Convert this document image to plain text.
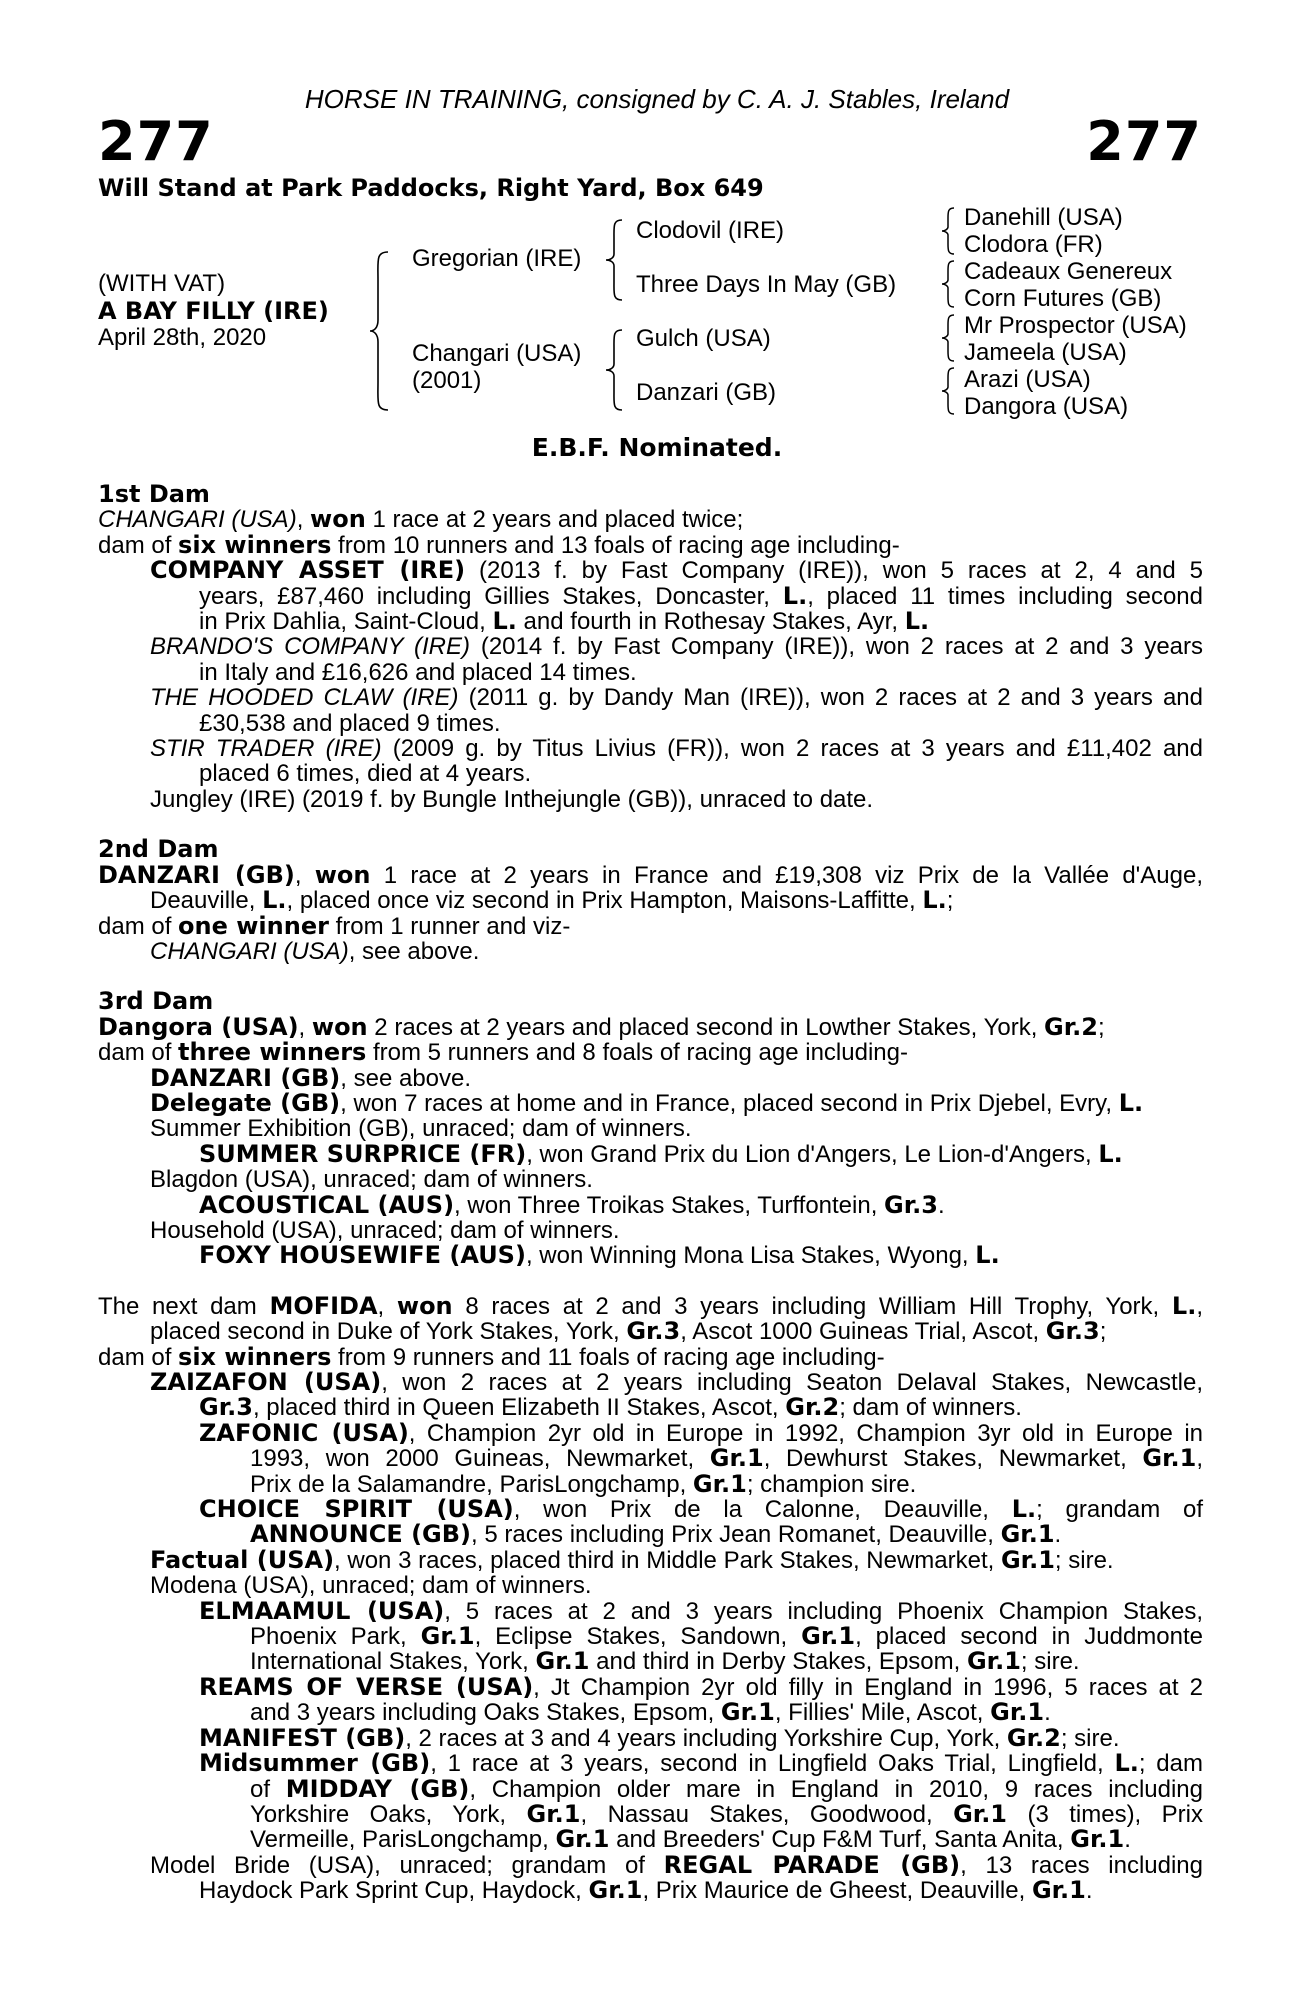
HORSE IN TRAINING, consigned by C. A. J. Stables, Ireland
277	277
Will Stand at Park Paddocks, Right Yard, Box 649
(WITH VAT)
A BAY FILLY (IRE)
April 28th, 2020
Gregorian (IRE)
Changari (USA)
(2001)
Clodovil (IRE)
Three Days In May (GB)
Gulch (USA)
Danzari (GB)
Danehill (USA)
Clodora (FR)
Cadeaux Genereux
Corn Futures (GB)
Mr Prospector (USA)
Jameela (USA)
Arazi (USA)
Dangora (USA)
E.B.F. Nominated.
1st Dam
CHANGARI (USA), won 1 race at 2 years and placed twice;
dam of six winners from 10 runners and 13 foals of racing age including-
COMPANY ASSET (IRE) (2013 f. by Fast Company (IRE)), won 5 races at 2, 4 and 5
years, £87,460 including Gillies Stakes, Doncaster, L., placed 11 times including second
in Prix Dahlia, Saint-Cloud, L. and fourth in Rothesay Stakes, Ayr, L.
BRANDO'S COMPANY (IRE) (2014 f. by Fast Company (IRE)), won 2 races at 2 and 3 years
in Italy and £16,626 and placed 14 times.
THE HOODED CLAW (IRE) (2011 g. by Dandy Man (IRE)), won 2 races at 2 and 3 years and
£30,538 and placed 9 times.
STIR TRADER (IRE) (2009 g. by Titus Livius (FR)), won 2 races at 3 years and £11,402 and
placed 6 times, died at 4 years.
Jungley (IRE) (2019 f. by Bungle Inthejungle (GB)), unraced to date.
2nd Dam
DANZARI (GB), won 1 race at 2 years in France and £19,308 viz Prix de la Vallée d'Auge,
Deauville, L., placed once viz second in Prix Hampton, Maisons-Laffitte, L.;
dam of one winner from 1 runner and viz-
CHANGARI (USA), see above.
3rd Dam
Dangora (USA), won 2 races at 2 years and placed second in Lowther Stakes, York, Gr.2;
dam of three winners from 5 runners and 8 foals of racing age including-
DANZARI (GB), see above.
Delegate (GB), won 7 races at home and in France, placed second in Prix Djebel, Evry, L.
Summer Exhibition (GB), unraced; dam of winners.
SUMMER SURPRICE (FR), won Grand Prix du Lion d'Angers, Le Lion-d'Angers, L.
Blagdon (USA), unraced; dam of winners.
ACOUSTICAL (AUS), won Three Troikas Stakes, Turffontein, Gr.3.
Household (USA), unraced; dam of winners.
FOXY HOUSEWIFE (AUS), won Winning Mona Lisa Stakes, Wyong, L.
The next dam MOFIDA, won 8 races at 2 and 3 years including William Hill Trophy, York, L.,
placed second in Duke of York Stakes, York, Gr.3, Ascot 1000 Guineas Trial, Ascot, Gr.3;
dam of six winners from 9 runners and 11 foals of racing age including-
ZAIZAFON (USA), won 2 races at 2 years including Seaton Delaval Stakes, Newcastle,
Gr.3, placed third in Queen Elizabeth II Stakes, Ascot, Gr.2; dam of winners.
ZAFONIC (USA), Champion 2yr old in Europe in 1992, Champion 3yr old in Europe in
1993, won 2000 Guineas, Newmarket, Gr.1, Dewhurst Stakes, Newmarket, Gr.1,
Prix de la Salamandre, ParisLongchamp, Gr.1; champion sire.
CHOICE SPIRIT (USA), won Prix de la Calonne, Deauville, L.; grandam of
ANNOUNCE (GB), 5 races including Prix Jean Romanet, Deauville, Gr.1.
Factual (USA), won 3 races, placed third in Middle Park Stakes, Newmarket, Gr.1; sire.
Modena (USA), unraced; dam of winners.
ELMAAMUL (USA), 5 races at 2 and 3 years including Phoenix Champion Stakes,
Phoenix Park, Gr.1, Eclipse Stakes, Sandown, Gr.1, placed second in Juddmonte
International Stakes, York, Gr.1 and third in Derby Stakes, Epsom, Gr.1; sire.
REAMS OF VERSE (USA), Jt Champion 2yr old filly in England in 1996, 5 races at 2
and 3 years including Oaks Stakes, Epsom, Gr.1, Fillies' Mile, Ascot, Gr.1.
MANIFEST (GB), 2 races at 3 and 4 years including Yorkshire Cup, York, Gr.2; sire.
Midsummer (GB), 1 race at 3 years, second in Lingfield Oaks Trial, Lingfield, L.; dam
of MIDDAY (GB), Champion older mare in England in 2010, 9 races including
Yorkshire Oaks, York, Gr.1, Nassau Stakes, Goodwood, Gr.1 (3 times), Prix
Vermeille, ParisLongchamp, Gr.1 and Breeders' Cup F&M Turf, Santa Anita, Gr.1.
Model Bride (USA), unraced; grandam of REGAL PARADE (GB), 13 races including
Haydock Park Sprint Cup, Haydock, Gr.1, Prix Maurice de Gheest, Deauville, Gr.1.
